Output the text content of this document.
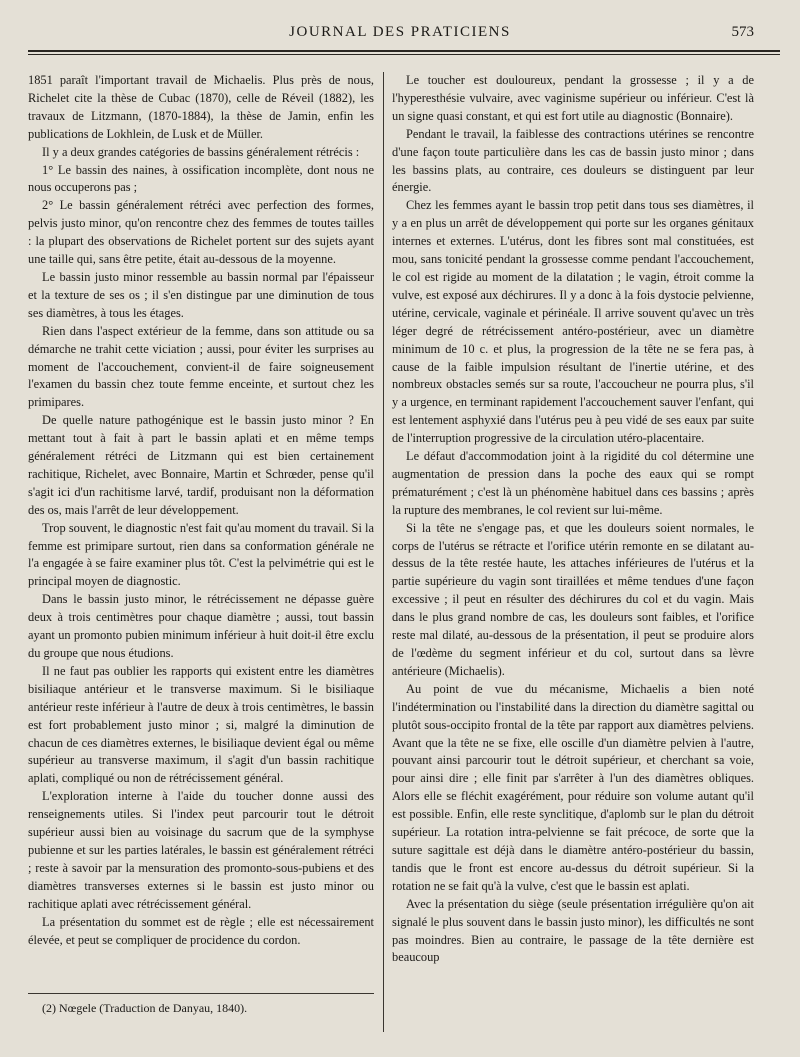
JOURNAL DES PRATICIENS	573

1851 paraît l'important travail de Michaelis. Plus près de nous, Richelet cite la thèse de Cubac (1870), celle de Réveil (1882), les travaux de Litzmann, (1870-1884), la thèse de Jamin, enfin les publications de Lokhlein, de Lusk et de Müller.

Il y a deux grandes catégories de bassins généralement rétrécis :

1° Le bassin des naines, à ossification incomplète, dont nous ne nous occuperons pas ;

2° Le bassin généralement rétréci avec perfection des formes, pelvis justo minor, qu'on rencontre chez des femmes de toutes tailles : la plupart des observations de Richelet portent sur des sujets ayant une taille qui, sans être petite, était au-dessous de la moyenne.

Le bassin justo minor ressemble au bassin normal par l'épaisseur et la texture de ses os ; il s'en distingue par une diminution de tous ses diamètres, à tous les étages.

Rien dans l'aspect extérieur de la femme, dans son attitude ou sa démarche ne trahit cette viciation ; aussi, pour éviter les surprises au moment de l'accouchement, convient-il de faire soigneusement l'examen du bassin chez toute femme enceinte, et surtout chez les primipares.

De quelle nature pathogénique est le bassin justo minor ? En mettant tout à fait à part le bassin aplati et en même temps généralement rétréci de Litzmann qui est bien certainement rachitique, Richelet, avec Bonnaire, Martin et Schrœder, pense qu'il s'agit ici d'un rachitisme larvé, tardif, produisant non la déformation des os, mais l'arrêt de leur développement.

Trop souvent, le diagnostic n'est fait qu'au moment du travail. Si la femme est primipare surtout, rien dans sa conformation générale ne l'a engagée à se faire examiner plus tôt. C'est la pelvimétrie qui est le principal moyen de diagnostic.

Dans le bassin justo minor, le rétrécissement ne dépasse guère deux à trois centimètres pour chaque diamètre ; aussi, tout bassin ayant un promonto pubien minimum inférieur à huit doit-il être exclu du groupe que nous étudions.

Il ne faut pas oublier les rapports qui existent entre les diamètres bisiliaque antérieur et le transverse maximum. Si le bisiliaque antérieur reste inférieur à l'autre de deux à trois centimètres, le bassin est fort probablement justo minor ; si, malgré la diminution de chacun de ces diamètres externes, le bisiliaque devient égal ou même supérieur au transverse maximum, il s'agit d'un bassin rachitique aplati, compliqué ou non de rétrécissement général.

L'exploration interne à l'aide du toucher donne aussi des renseignements utiles. Si l'index peut parcourir tout le détroit supérieur aussi bien au voisinage du sacrum que de la symphyse pubienne et sur les parties latérales, le bassin est généralement rétréci ; reste à savoir par la mensuration des promonto-sous-pubiens et des diamètres transverses externes si le bassin est justo minor ou rachitique aplati avec rétrécissement général.

La présentation du sommet est de règle ; elle est nécessairement élevée, et peut se compliquer de procidence du cordon.

Le toucher est douloureux, pendant la grossesse ; il y a de l'hyperesthésie vulvaire, avec vaginisme supérieur ou inférieur. C'est là un signe quasi constant, et qui est fort utile au diagnostic (Bonnaire).

Pendant le travail, la faiblesse des contractions utérines se rencontre d'une façon toute particulière dans les cas de bassin justo minor ; dans les bassins plats, au contraire, ces douleurs se distinguent par leur énergie.

Chez les femmes ayant le bassin trop petit dans tous ses diamètres, il y a en plus un arrêt de développement qui porte sur les organes génitaux internes et externes. L'utérus, dont les fibres sont mal constituées, est mou, sans tonicité pendant la grossesse comme pendant l'accouchement, le col est rigide au moment de la dilatation ; le vagin, étroit comme la vulve, est exposé aux déchirures. Il y a donc à la fois dystocie pelvienne, utérine, cervicale, vaginale et périnéale. Il arrive souvent qu'avec un très léger degré de rétrécissement antéro-postérieur, avec un diamètre minimum de 10 c. et plus, la progression de la tête ne se fera pas, à cause de la faible impulsion résultant de l'inertie utérine, et des nombreux obstacles semés sur sa route, l'accoucheur ne pourra plus, s'il y a urgence, en terminant rapidement l'accouchement sauver l'enfant, qui est lentement asphyxié dans l'utérus peu à peu vidé de ses eaux par suite de l'interruption progressive de la circulation utéro-placentaire.

Le défaut d'accommodation joint à la rigidité du col détermine une augmentation de pression dans la poche des eaux qui se rompt prématurément ; c'est là un phénomène habituel dans ces bassins ; après la rupture des membranes, le col revient sur lui-même.

Si la tête ne s'engage pas, et que les douleurs soient normales, le corps de l'utérus se rétracte et l'orifice utérin remonte en se dilatant au-dessus de la tête restée haute, les attaches inférieures de l'utérus et la partie supérieure du vagin sont tiraillées et même tendues d'une façon excessive ; il peut en résulter des déchirures du col et du vagin. Mais dans le plus grand nombre de cas, les douleurs sont faibles, et l'orifice reste mal dilaté, au-dessous de la présentation, il peut se produire alors de l'œdème du segment inférieur et du col, surtout dans sa lèvre antérieure (Michaelis).

Au point de vue du mécanisme, Michaelis a bien noté l'indétermination ou l'instabilité dans la direction du diamètre sagittal ou plutôt sous-occipito frontal de la tête par rapport aux diamètres pelviens. Avant que la tête ne se fixe, elle oscille d'un diamètre pelvien à l'autre, pouvant ainsi parcourir tout le détroit supérieur, et cherchant sa voie, pour ainsi dire ; elle finit par s'arrêter à l'un des diamètres obliques. Alors elle se fléchit exagérément, pour réduire son volume autant qu'il est possible. Enfin, elle reste synclitique, d'aplomb sur le plan du détroit supérieur. La rotation intra-pelvienne se fait précoce, de sorte que la suture sagittale est déjà dans le diamètre antéro-postérieur du bassin, tandis que le front est encore au-dessus du détroit supérieur. Si la rotation ne se fait qu'à la vulve, c'est que le bassin est aplati.

Avec la présentation du siège (seule présentation irrégulière qu'on ait signalé le plus souvent dans le bassin justo minor), les difficultés ne sont pas moindres. Bien au contraire, le passage de la tête dernière est beaucoup

(2) Nœgele (Traduction de Danyau, 1840).
